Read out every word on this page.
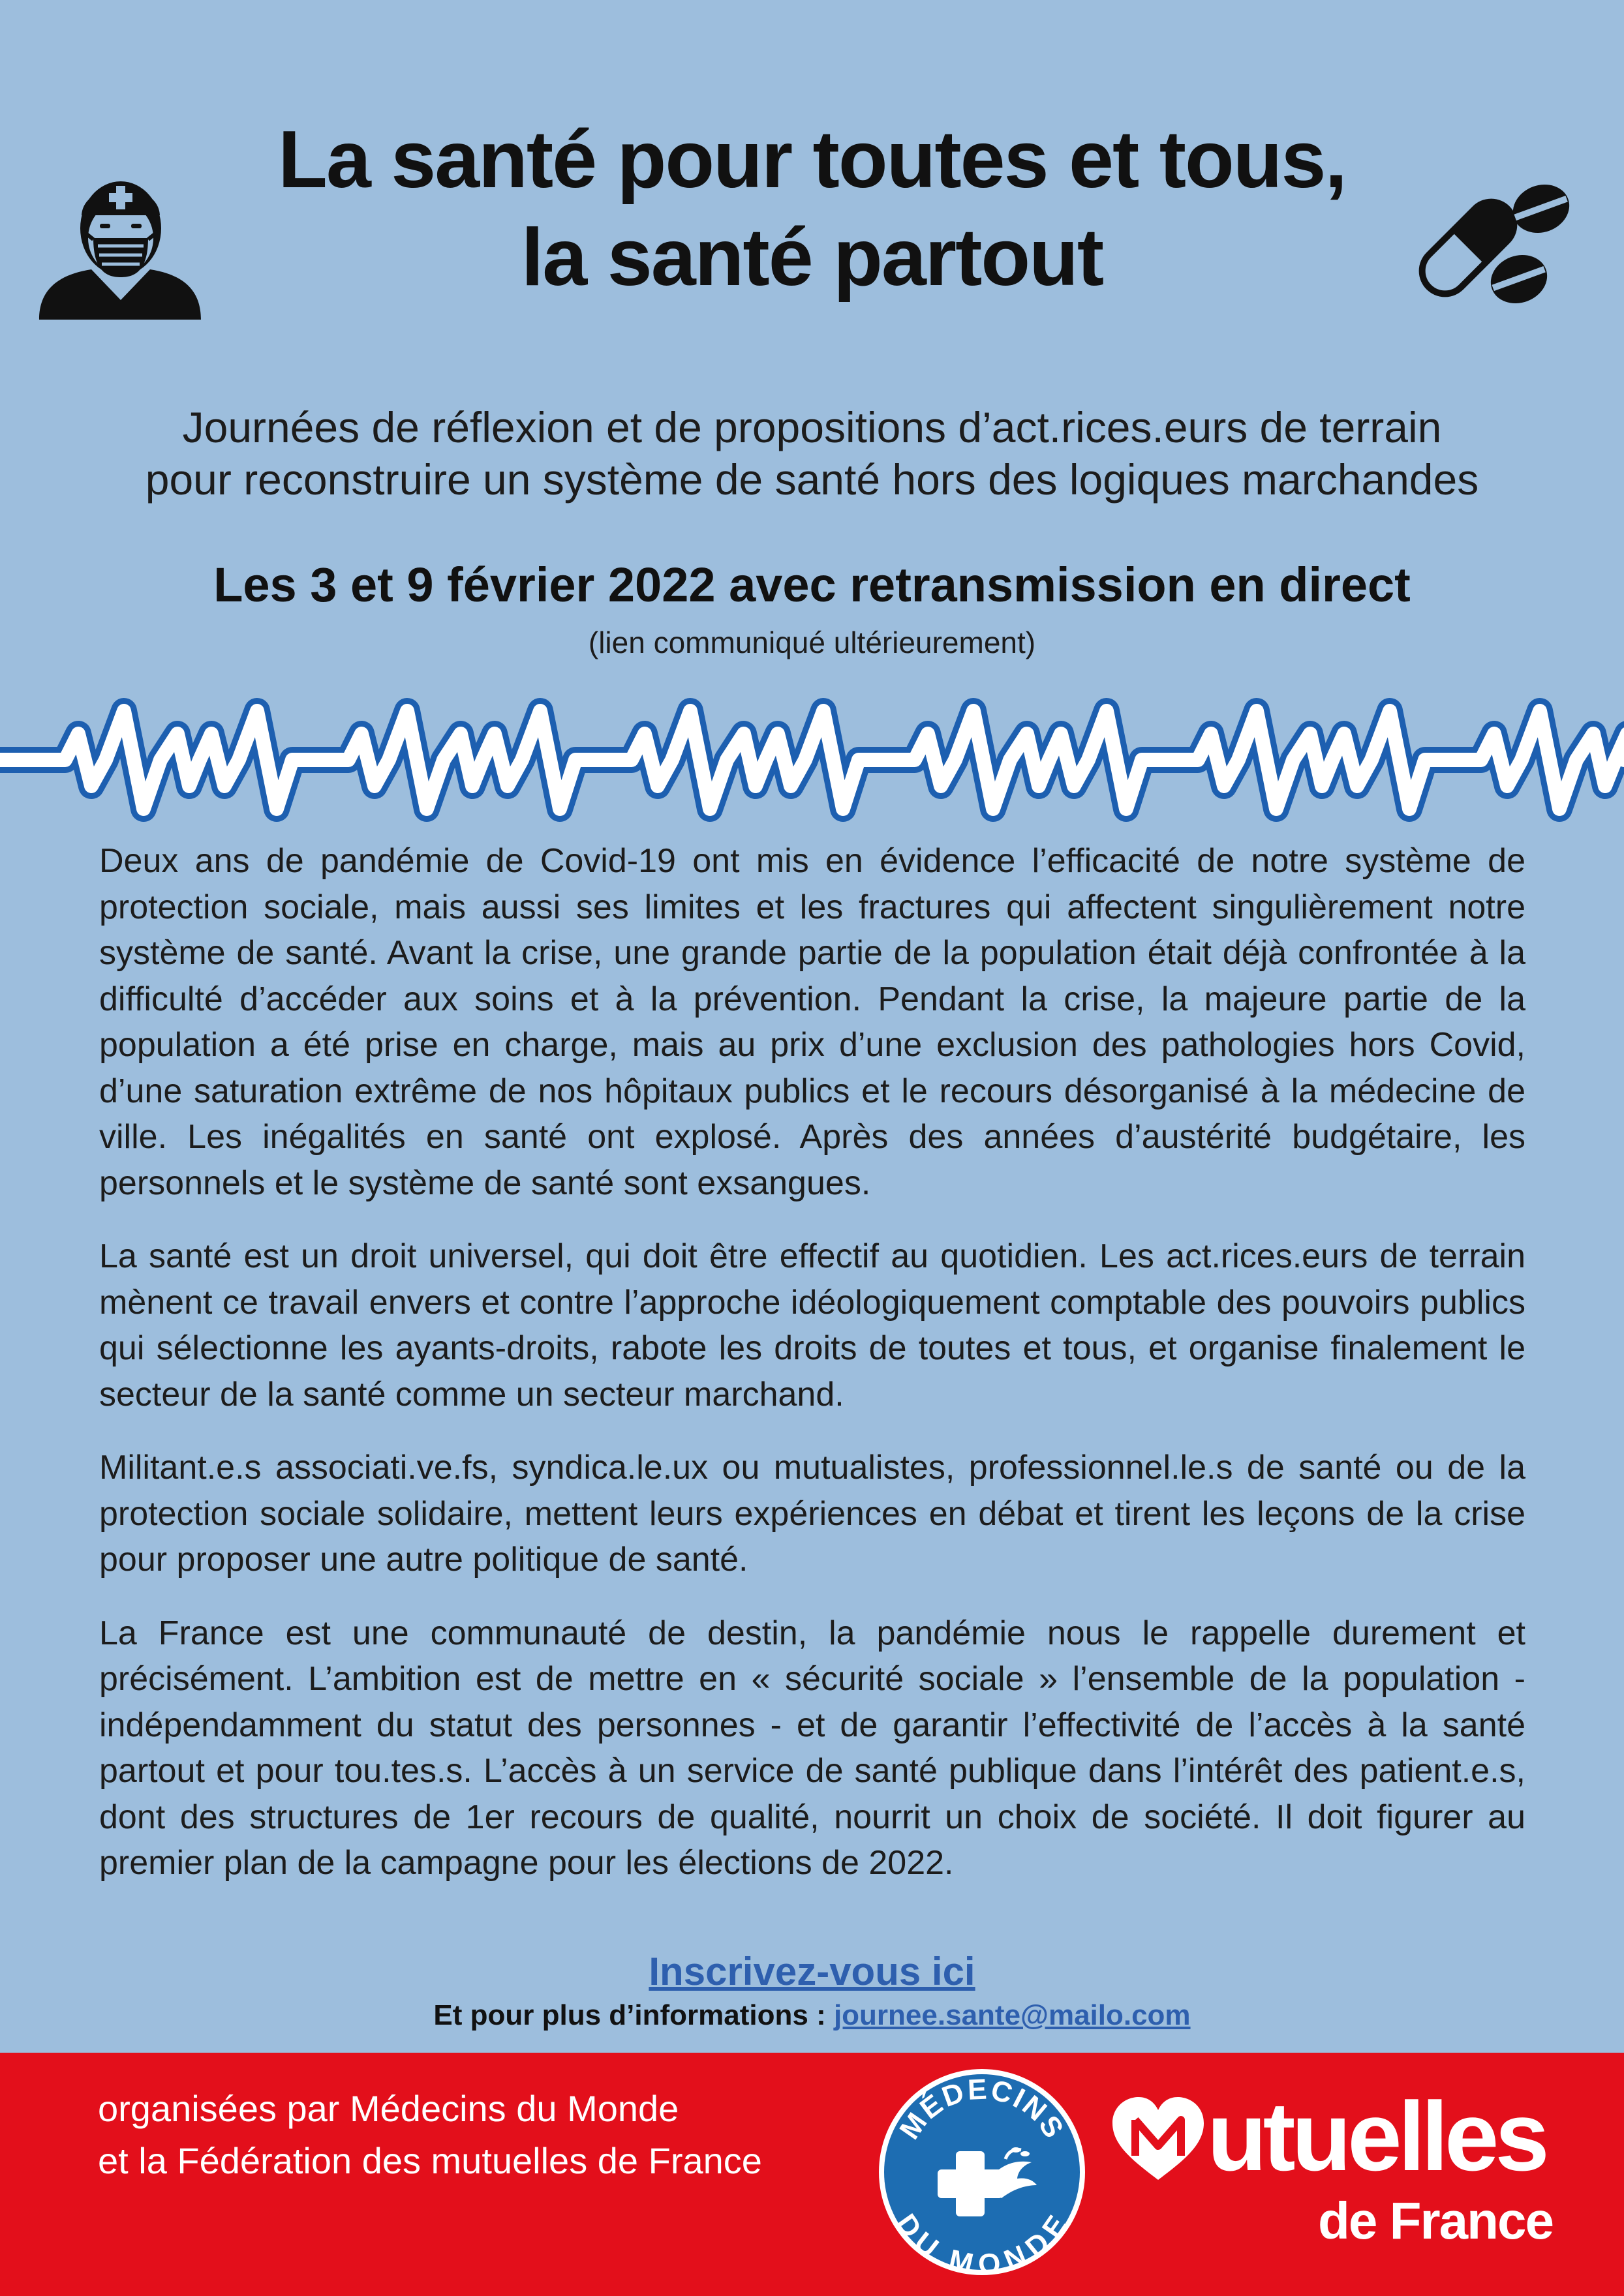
La santé pour toutes et tous,
la santé partout
Journées de réflexion et de propositions d’act.rices.eurs de terrain
pour reconstruire un système de santé hors des logiques marchandes
Les 3 et 9 février 2022 avec retransmission en direct
(lien communiqué ultérieurement)

Deux ans de pandémie de Covid-19 ont mis en évidence l’efficacité de notre système de protection sociale, mais aussi ses limites et les fractures qui affectent singulièrement notre système de santé. Avant la crise, une grande partie de la population était déjà confrontée à la difficulté d’accéder aux soins et à la prévention. Pendant la crise, la majeure partie de la population a été prise en charge, mais au prix d’une exclusion des pathologies hors Covid, d’une saturation extrême de nos hôpitaux publics et le recours désorganisé à la médecine de ville. Les inégalités en santé ont explosé. Après des années d’austérité budgétaire, les personnels et le système de santé sont exsangues.

La santé est un droit universel, qui doit être effectif au quotidien. Les act.rices.eurs de terrain mènent ce travail envers et contre l’approche idéologiquement comptable des pouvoirs publics qui sélectionne les ayants-droits, rabote les droits de toutes et tous, et organise finalement le secteur de la santé comme un secteur marchand.

Militant.e.s associati.ve.fs, syndica.le.ux ou mutualistes, professionnel.le.s de santé ou de la protection sociale solidaire, mettent leurs expériences en débat et tirent les leçons de la crise pour proposer une autre politique de santé.

La France est une communauté de destin, la pandémie nous le rappelle durement et précisément. L’ambition est de mettre en « sécurité sociale » l’ensemble de la population - indépendamment du statut des personnes - et de garantir l’effectivité de l’accès à la santé partout et pour tou.tes.s. L’accès à un service de santé publique dans l’intérêt des patient.e.s, dont des structures de 1er recours de qualité, nourrit un choix de société. Il doit figurer au premier plan de la campagne pour les élections de 2022.

Inscrivez-vous ici
Et pour plus d’informations : journee.sante@mailo.com
organisées par Médecins du Monde
et la Fédération des mutuelles de France
MÉDECINS
DU MONDE
utuelles
de France
